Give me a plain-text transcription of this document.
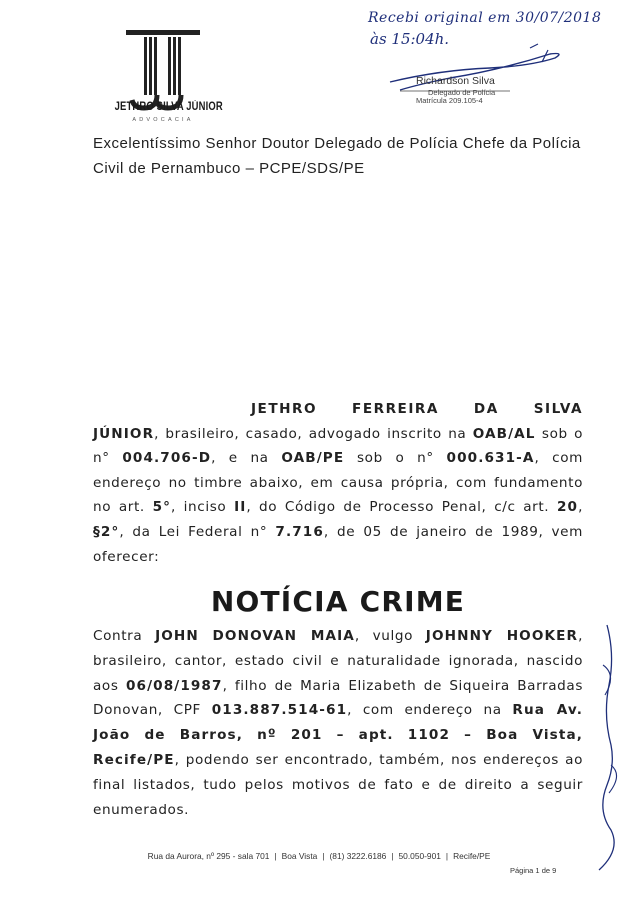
JETHRO SILVA JÚNIOR
ADVOCACIA
Recebi original em 30/07/2018
às 15:04h.
Richardson Silva
Delegado de Polícia
Matrícula 209.105-4
Excelentíssimo Senhor Doutor Delegado de Polícia Chefe da Polícia Civil de Pernambuco – PCPE/SDS/PE
JETHRO	FERREIRA	DA	SILVA
JÚNIOR, brasileiro, casado, advogado inscrito na OAB/AL sob o n° 004.706-D, e na OAB/PE sob o n° 000.631-A, com endereço no timbre abaixo, em causa própria, com fundamento no art. 5°, inciso II, do Código de Processo Penal, c/c art. 20, §2°, da Lei Federal n° 7.716, de 05 de janeiro de 1989, vem oferecer:
NOTÍCIA CRIME
Contra JOHN DONOVAN MAIA, vulgo JOHNNY HOOKER, brasileiro, cantor, estado civil e naturalidade ignorada, nascido aos 06/08/1987, filho de Maria Elizabeth de Siqueira Barradas Donovan, CPF 013.887.514-61, com endereço na Rua Av. João de Barros, nº 201 – apt. 1102 – Boa Vista, Recife/PE, podendo ser encontrado, também, nos endereços ao final listados, tudo pelos motivos de fato e de direito a seguir enumerados.
Rua da Aurora, nº 295 - sala 701 | Boa Vista | (81) 3222.6186 | 50.050-901 | Recife/PE
Página 1 de 9
